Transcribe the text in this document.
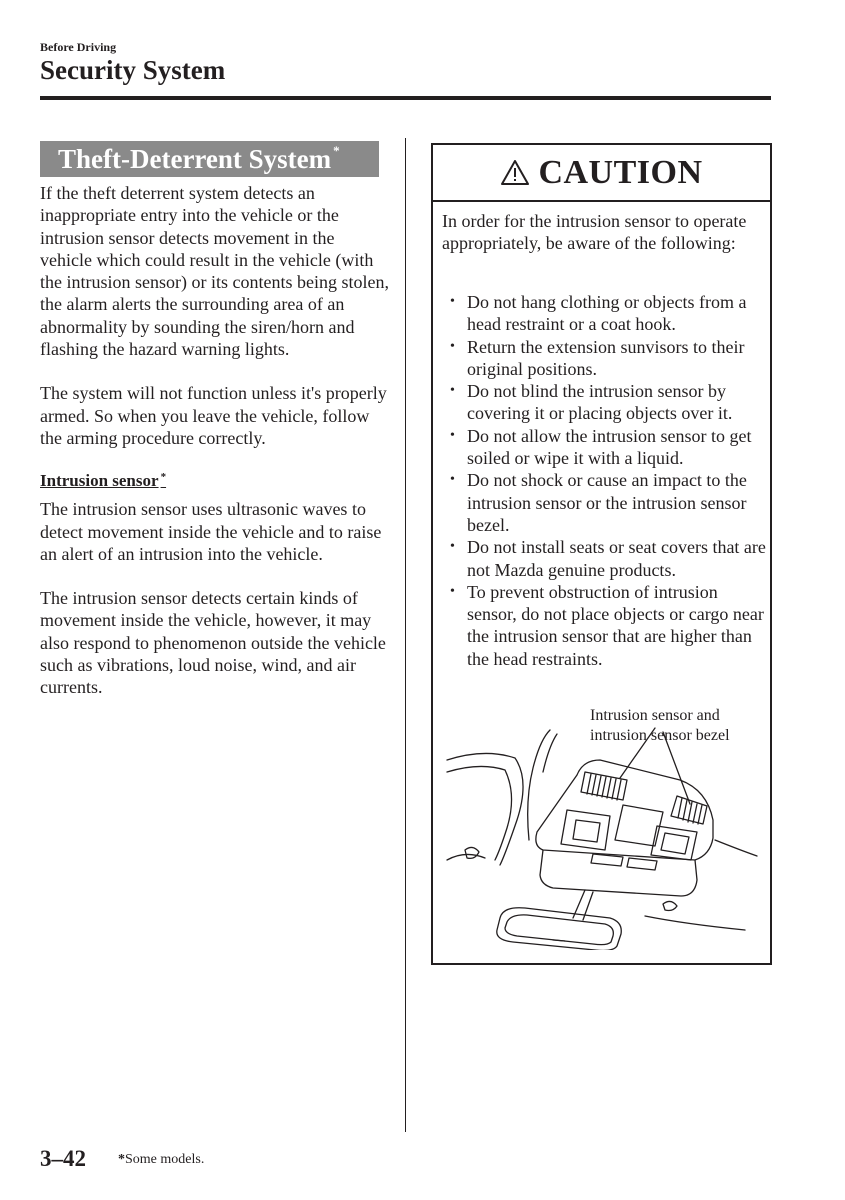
Before Driving
Security System
Theft-Deterrent System *

If the theft deterrent system detects an inappropriate entry into the vehicle or the intrusion sensor detects movement in the vehicle which could result in the vehicle (with the intrusion sensor) or its contents being stolen, the alarm alerts the surrounding area of an abnormality by sounding the siren/horn and flashing the hazard warning lights.

The system will not function unless it's properly armed. So when you leave the vehicle, follow the arming procedure correctly.

Intrusion sensor *

The intrusion sensor uses ultrasonic waves to detect movement inside the vehicle and to raise an alert of an intrusion into the vehicle.

The intrusion sensor detects certain kinds of movement inside the vehicle, however, it may also respond to phenomenon outside the vehicle such as vibrations, loud noise, wind, and air currents.

CAUTION
In order for the intrusion sensor to operate appropriately, be aware of the following:
• Do not hang clothing or objects from a head restraint or a coat hook.
• Return the extension sunvisors to their original positions.
• Do not blind the intrusion sensor by covering it or placing objects over it.
• Do not allow the intrusion sensor to get soiled or wipe it with a liquid.
• Do not shock or cause an impact to the intrusion sensor or the intrusion sensor bezel.
• Do not install seats or seat covers that are not Mazda genuine products.
• To prevent obstruction of intrusion sensor, do not place objects or cargo near the intrusion sensor that are higher than the head restraints.
Intrusion sensor and
intrusion sensor bezel
3–42 *Some models.
